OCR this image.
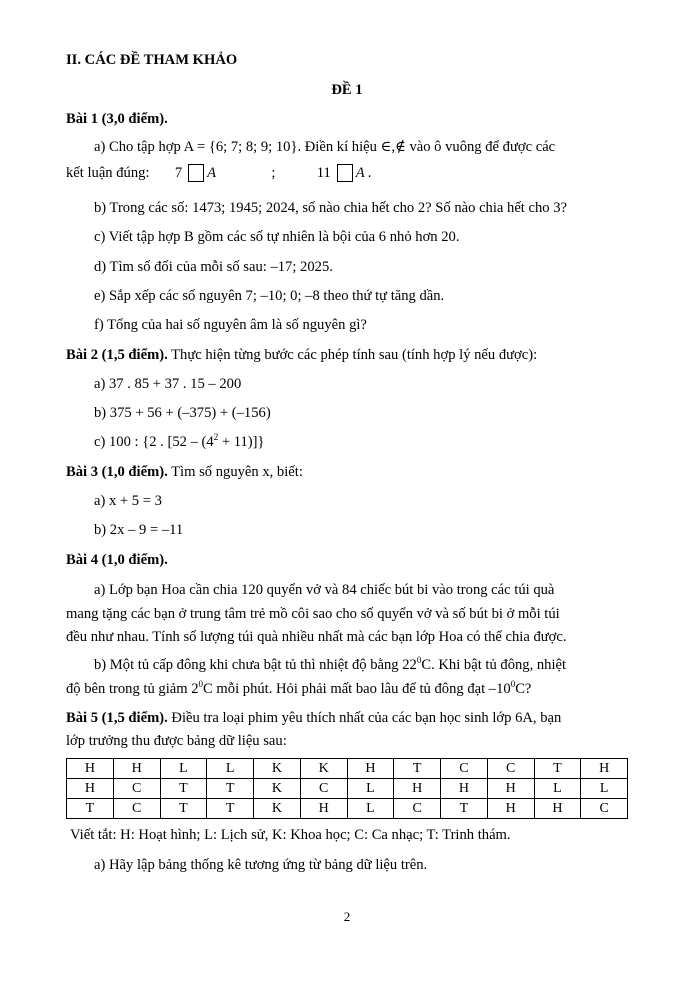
II. CÁC ĐỀ THAM KHẢO
ĐỀ 1
Bài 1 (3,0 điểm).
a) Cho tập hợp A = {6; 7; 8; 9; 10}. Điền kí hiệu ∈,∉ vào ô vuông để được các
kết luận đúng: 7 A	;	11 A .
b) Trong các số: 1473; 1945; 2024, số nào chia hết cho 2? Số nào chia hết cho 3?
c) Viết tập hợp B gồm các số tự nhiên là bội của 6 nhỏ hơn 20.
d) Tìm số đối của mỗi số sau: –17; 2025.
e) Sắp xếp các số nguyên 7; –10; 0; –8 theo thứ tự tăng dần.
f) Tổng của hai số nguyên âm là số nguyên gì?
Bài 2 (1,5 điểm). Thực hiện từng bước các phép tính sau (tính hợp lý nếu được):
a) 37 . 85 + 37 . 15 – 200
b) 375 + 56 + (–375) + (–156)
c) 100 : {2 . $[52 - (4^2 + 11)]$}
Bài 3 (1,0 điểm). Tìm số nguyên x, biết:
a) x + 5 = 3
b) 2x – 9 = –11
Bài 4 (1,0 điểm).
a) Lớp bạn Hoa cần chia 120 quyển vở và 84 chiếc bút bi vào trong các túi quà
mang tặng các bạn ở trung tâm trẻ mồ côi sao cho số quyển vở và số bút bi ở mỗi túi
đều như nhau. Tính số lượng túi quà nhiều nhất mà các bạn lớp Hoa có thể chia được.
b) Một tủ cấp đông khi chưa bật tủ thì nhiệt độ bằng $22^0C$. Khi bật tủ đông, nhiệt
độ bên trong tủ giảm $2^0C$ mỗi phút. Hỏi phải mất bao lâu để tủ đông đạt $-10^0C$?
Bài 5 (1,5 điểm). Điều tra loại phim yêu thích nhất của các bạn học sinh lớp 6A, bạn
lớp trưởng thu được bảng dữ liệu sau:
H	H	L	L	K	K	H	T	C	C	T	H
H	C	T	T	K	C	L	H	H	H	L	L
T	C	T	T	K	H	L	C	T	H	H	C
Viết tắt: H: Hoạt hình; L: Lịch sử, K: Khoa học; C: Ca nhạc; T: Trinh thám.
a) Hãy lập bảng thống kê tương ứng từ bảng dữ liệu trên.
2
